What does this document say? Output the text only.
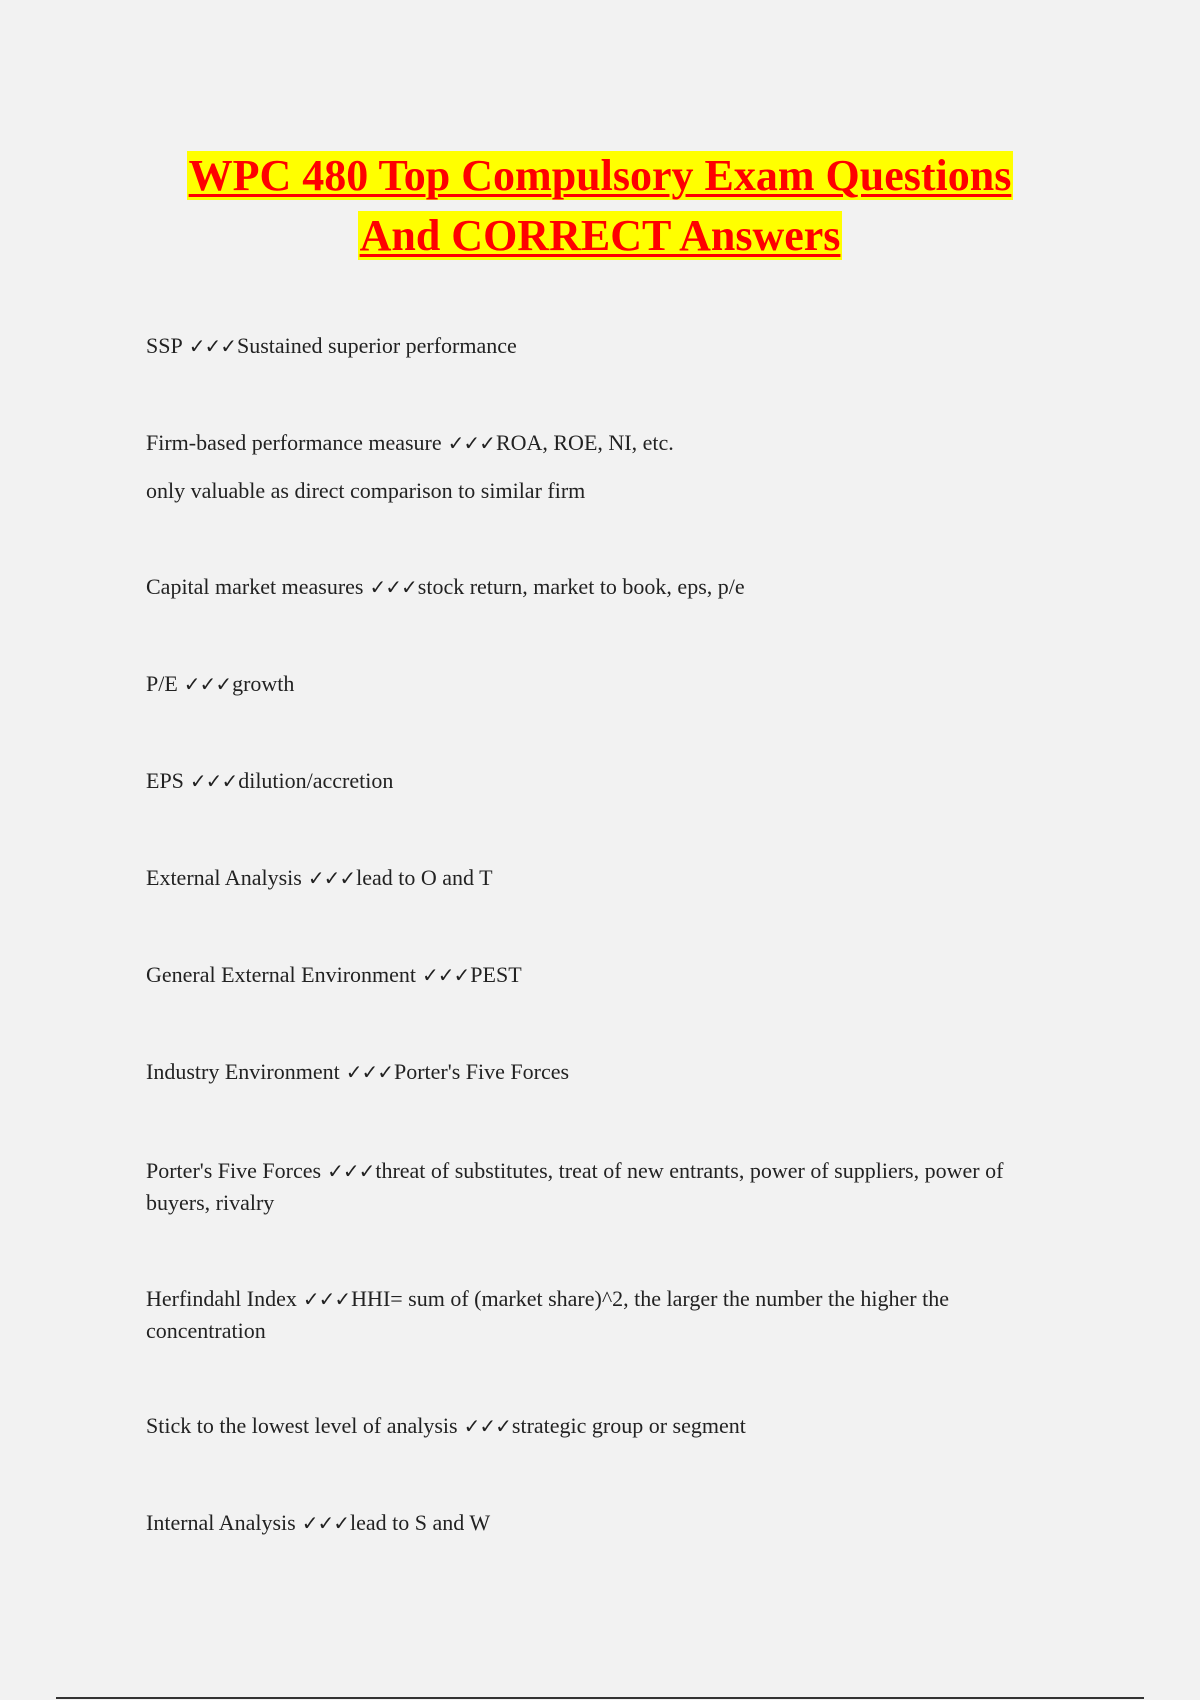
WPC 480 Top Compulsory Exam Questions
And CORRECT Answers

SSP ✓✓✓Sustained superior performance

Firm-based performance measure ✓✓✓ROA, ROE, NI, etc.
only valuable as direct comparison to similar firm

Capital market measures ✓✓✓stock return, market to book, eps, p/e

P/E ✓✓✓growth

EPS ✓✓✓dilution/accretion

External Analysis ✓✓✓lead to O and T

General External Environment ✓✓✓PEST

Industry Environment ✓✓✓Porter's Five Forces

Porter's Five Forces ✓✓✓threat of substitutes, treat of new entrants, power of suppliers, power of buyers, rivalry

Herfindahl Index ✓✓✓HHI= sum of (market share)^2, the larger the number the higher the concentration

Stick to the lowest level of analysis ✓✓✓strategic group or segment

Internal Analysis ✓✓✓lead to S and W
